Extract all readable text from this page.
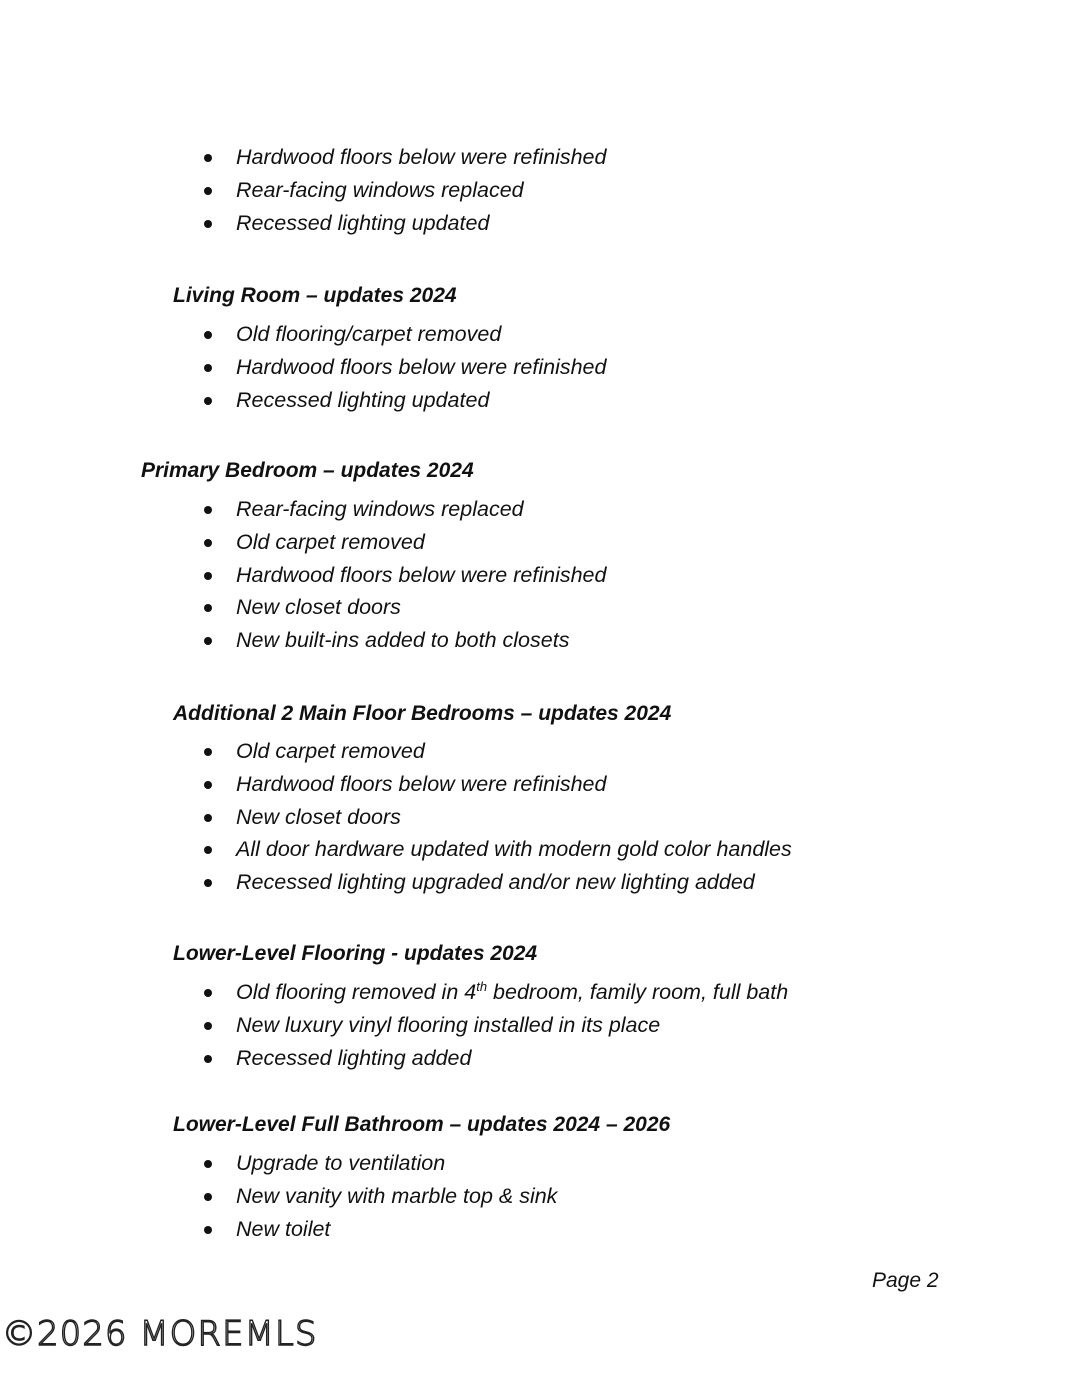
Hardwood floors below were refinished
Rear-facing windows replaced
Recessed lighting updated
Living Room – updates 2024
Old flooring/carpet removed
Hardwood floors below were refinished
Recessed lighting updated
Primary Bedroom – updates 2024
Rear-facing windows replaced
Old carpet removed
Hardwood floors below were refinished
New closet doors
New built-ins added to both closets
Additional 2 Main Floor Bedrooms – updates 2024
Old carpet removed
Hardwood floors below were refinished
New closet doors
All door hardware updated with modern gold color handles
Recessed lighting upgraded and/or new lighting added
Lower-Level Flooring - updates 2024
Old flooring removed in 4th bedroom, family room, full bath
New luxury vinyl flooring installed in its place
Recessed lighting added
Lower-Level Full Bathroom – updates 2024 – 2026
Upgrade to ventilation
New vanity with marble top & sink
New toilet
Page 2
©2026 MOREMLS
